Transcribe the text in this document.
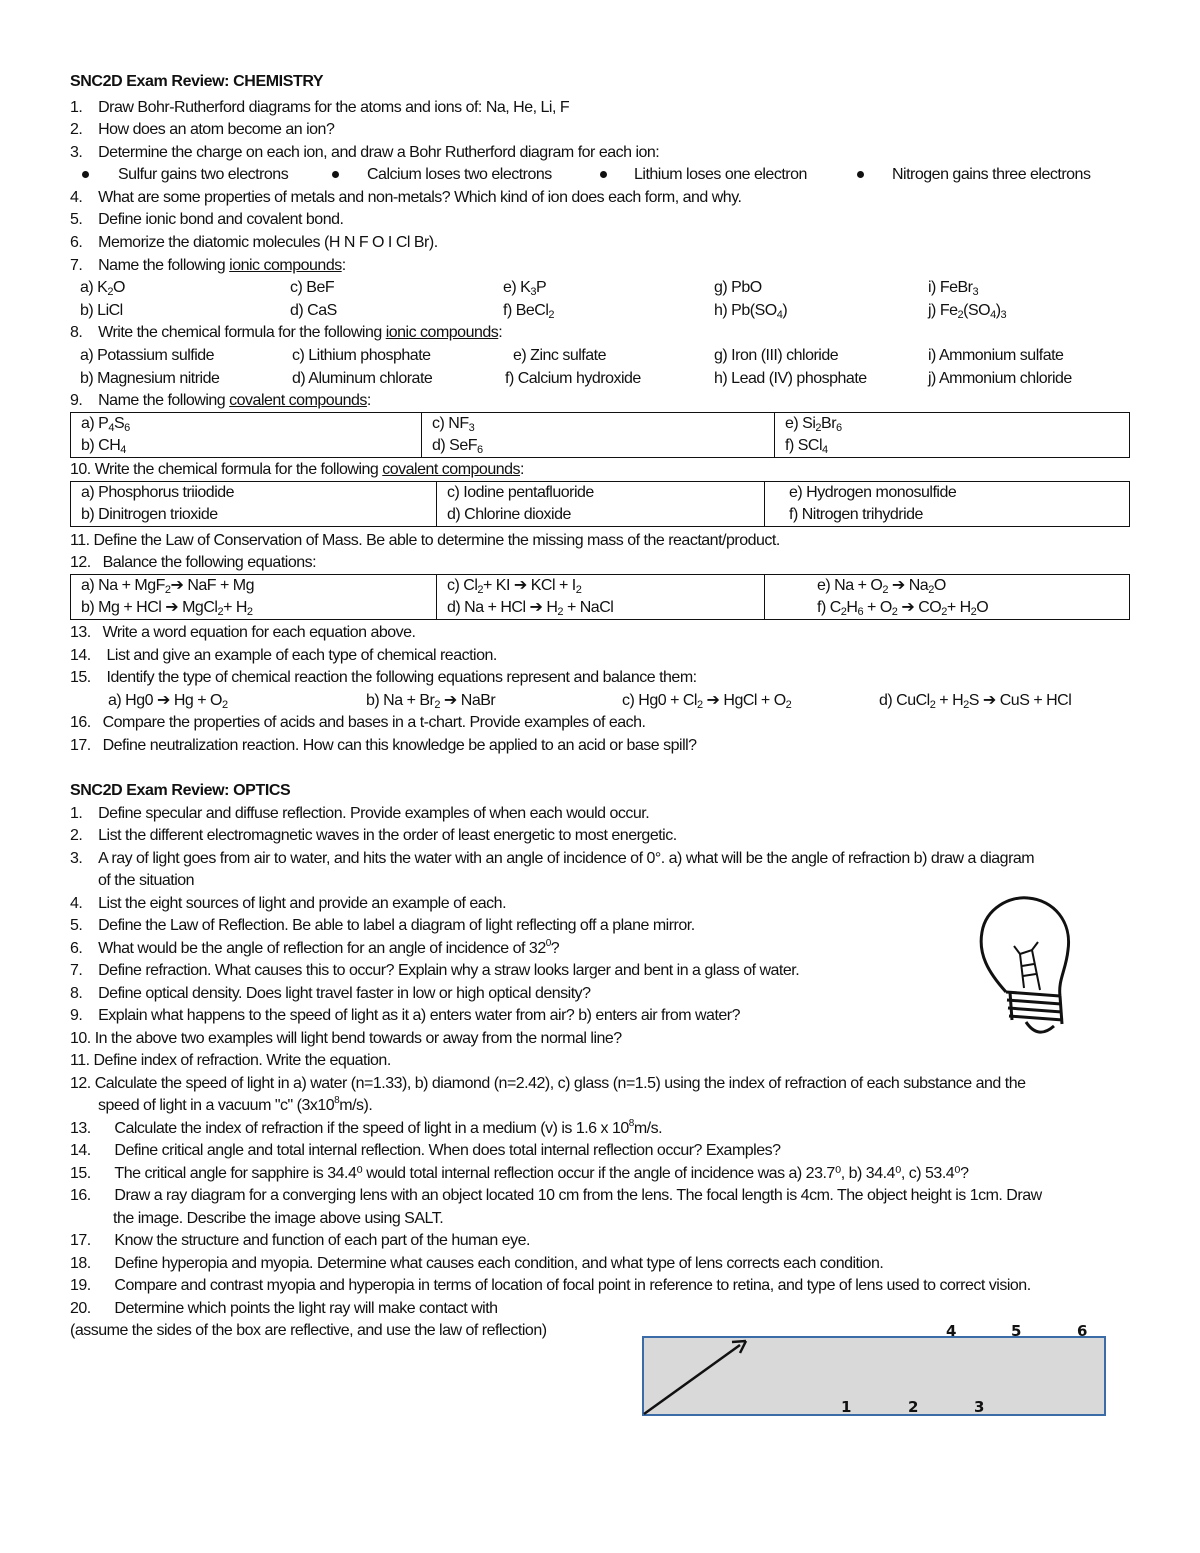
SNC2D Exam Review: CHEMISTRY
1.    Draw Bohr-Rutherford diagrams for the atoms and ions of: Na, He, Li, F
2.    How does an atom become an ion?
3.    Determine the charge on each ion, and draw a Bohr Rutherford diagram for each ion:
Sulfur gains two electrons	Calcium loses two electrons	Lithium loses one electron	Nitrogen gains three electrons
4.    What are some properties of metals and non-metals? Which kind of ion does each form, and why.
5.    Define ionic bond and covalent bond.
6.    Memorize the diatomic molecules (H N F O I Cl Br).
7.    Name the following ionic compounds:
a) $K_2O$	c) BeF	e) $K_3P$	g) PbO	i) FeBr$_3$
b) LiCl	d) CaS	f) BeCl$_2$	h) $Pb(SO_4)$	j) $Fe_2(SO_4)_3$
8.    Write the chemical formula for the following ionic compounds:
a) Potassium sulfide	c) Lithium phosphate	e) Zinc sulfate	g) Iron (III) chloride	i) Ammonium sulfate
b) Magnesium nitride	d) Aluminum chlorate	f) Calcium hydroxide	h) Lead (IV) phosphate	j) Ammonium chloride
9.    Name the following covalent compounds:
a) $P_4S_6$	c) $NF_3$	e) $Si_2Br_6$
b) $CH_4$	d) SeF$_6$	f) SCl$_4$
10. Write the chemical formula for the following covalent compounds:
a) Phosphorus triiodide	c) Iodine pentafluoride	e) Hydrogen monosulfide
b) Dinitrogen trioxide	d) Chlorine dioxide	f) Nitrogen trihydride
11. Define the Law of Conservation of Mass. Be able to determine the missing mass of the reactant/product.
12.   Balance the following equations:
a) Na + MgF$_2$➔ NaF + Mg	c) $Cl_2+$ KI ➔ KCl + $I_2$	e) $Na + O_2$ ➔ $Na_2O$
b) Mg + HCl ➔ MgCl$_2$+ $H_2$	d) Na + HCl ➔ $H_2$ + NaCl	f) $C_2H_6 + O_2$ ➔ $CO_2+ H_2O$
13.   Write a word equation for each equation above.
14.    List and give an example of each type of chemical reaction.
15.    Identify the type of chemical reaction the following equations represent and balance them:
a) Hg0 ➔ $Hg + O_2$	b) $Na + Br_2$ ➔ NaBr	c) $Hg0 + Cl_2$ ➔ HgCl + $O_2$	d) CuCl$_2$ + $H_2S$ ➔ CuS + HCl
16.   Compare the properties of acids and bases in a t-chart. Provide examples of each.
17.   Define neutralization reaction. How can this knowledge be applied to an acid or base spill?
SNC2D Exam Review: OPTICS
1.    Define specular and diffuse reflection. Provide examples of when each would occur.
2.    List the different electromagnetic waves in the order of least energetic to most energetic.
3.    A ray of light goes from air to water, and hits the water with an angle of incidence of 0°. a) what will be the angle of refraction b) draw a diagram
of the situation
4.    List the eight sources of light and provide an example of each.
5.    Define the Law of Reflection. Be able to label a diagram of light reflecting off a plane mirror.
6.    What would be the angle of reflection for an angle of incidence of $32^0$?
7.    Define refraction. What causes this to occur? Explain why a straw looks larger and bent in a glass of water.
8.    Define optical density. Does light travel faster in low or high optical density?
9.    Explain what happens to the speed of light as it a) enters water from air? b) enters air from water?
10. In the above two examples will light bend towards or away from the normal line?
11. Define index of refraction. Write the equation.
12. Calculate the speed of light in a) water (n=1.33), b) diamond (n=2.42), c) glass (n=1.5) using the index of refraction of each substance and the
speed of light in a vacuum "c" $(3x10^8m/s)$.
13.      Calculate the index of refraction if the speed of light in a medium (v) is 1.6 x $10^8m/s$.
14.      Define critical angle and total internal reflection. When does total internal reflection occur? Examples?
15.      The critical angle for sapphire is 34.4⁰ would total internal reflection occur if the angle of incidence was a) 23.7⁰, b) 34.4⁰, c) 53.4⁰?
16.      Draw a ray diagram for a converging lens with an object located 10 cm from the lens. The focal length is 4cm. The object height is 1cm. Draw
the image. Describe the image above using SALT.
17.      Know the structure and function of each part of the human eye.
18.      Define hyperopia and myopia. Determine what causes each condition, and what type of lens corrects each condition.
19.      Compare and contrast myopia and hyperopia in terms of location of focal point in reference to retina, and type of lens used to correct vision.
20.      Determine which points the light ray will make contact with
(assume the sides of the box are reflective, and use the law of reflection)	4	5	6
1	2	3
